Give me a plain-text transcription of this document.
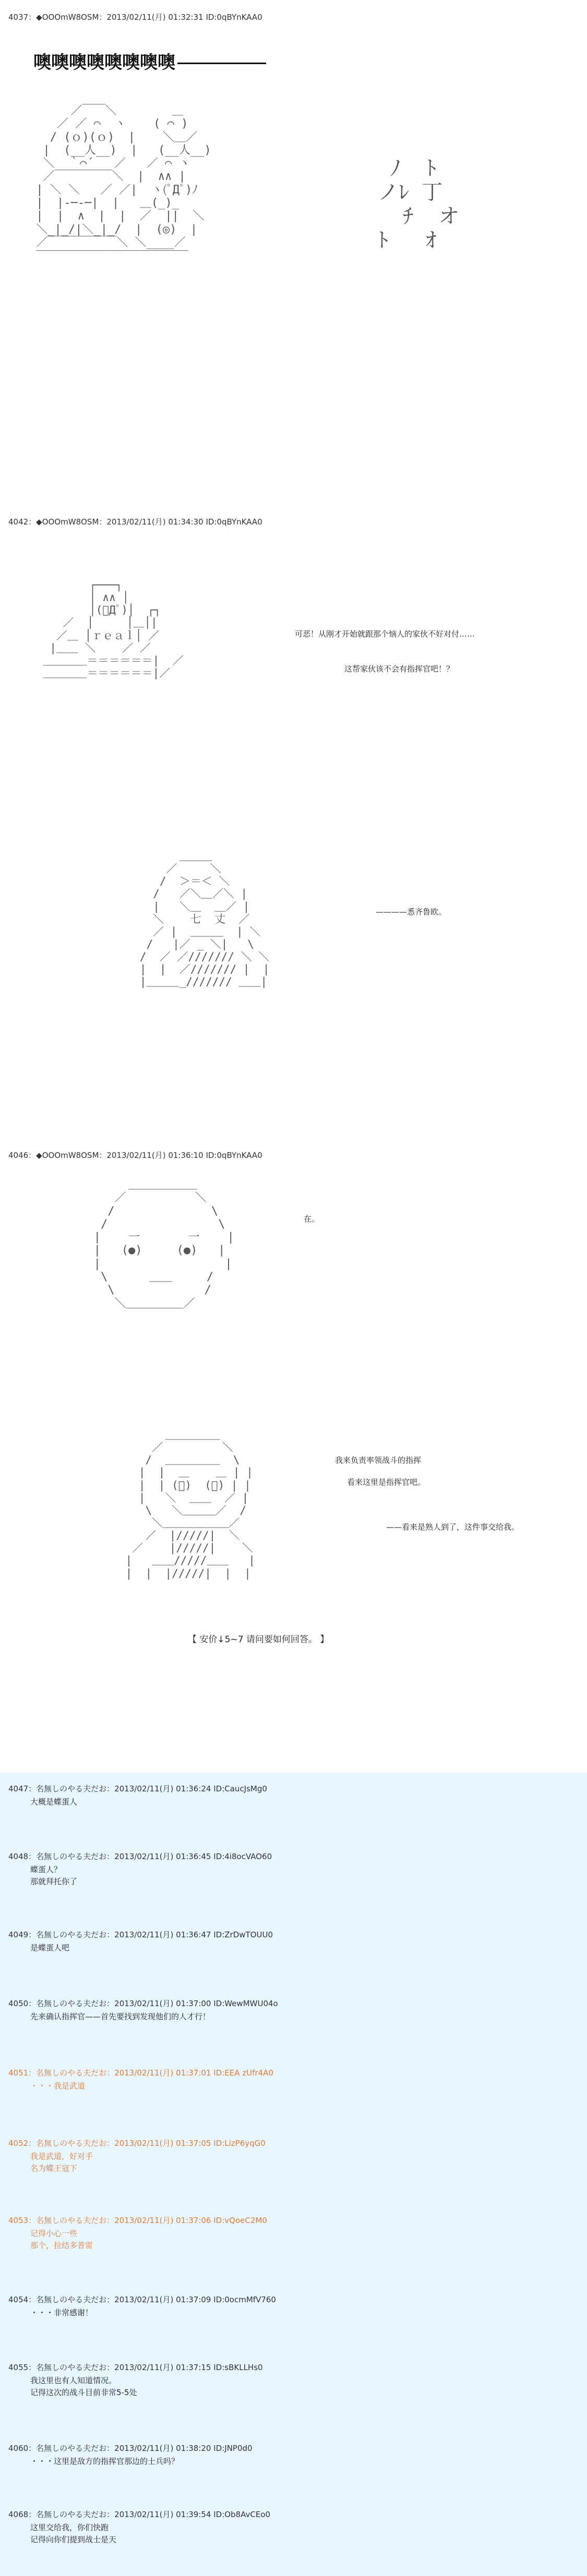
4037：◆OOOmW8OSM：2013/02/11(月) 01:32:31 ID:0qBYnKAA0
噢噢噢噢噢噢噢噢
／￣￣＼        ＿
／ ／ ⌒  ヽ    ( ⌒ )
/ (ｏ)(ｏ)  |    ＼＿／
|  (__人__)  |   (__人__)
＼  ｀⌒´   ／   ／ ⌒ ヽ
／￣￣￣￣￣＼  |  ∧∧ |
| ＼ ＼   ／ ／|  ヽ(ﾟДﾟ)ﾉ
|  |‐─‐─|  |   ＿(_)_
|  |  ∧  |  |  ／  ||  ＼
＼_|_/|＼_|_/  |  (◎)  |
／￣￣￣￣￣￣＼ ＼____／
‾‾‾‾‾‾‾‾‾‾‾‾‾‾‾‾‾‾‾‾‾‾

ﾉ  ﾄ
ノﾚ 丁
ﾁ  オ
ﾄ   ｵ

4042：◆OOOmW8OSM：2013/02/11(月) 01:34:30 ID:0qBYnKAA0
┌───┐
│ ∧∧ │
│(ﾟДﾟ)│  ┌┐
／  │     │＿│|
／＿ │ｒｅａｌ│ ／
|＿＿ ＼    ／ ／
＿＿＿＿＝＝＝＝＝＝|  ／
＿＿＿＿＝＝＝＝＝＝|／

可恶！从刚才开始就跟那个恼人的家伙不好对付……
这帮家伙该不会有指挥官吧！？
＿＿＿
／     ＼
/  ＞＝＜ ＼
/   ／＼＿／＼ |
|   ＼＿  ＿／ |
＼    七  丈  ／
／ |  ＿＿＿  | ＼
/   |／ _ ＼|   \
/  ／ ／/////// ＼ ＼
|  |  ／/////// |  |
|＿＿＿_/////// ＿＿|

————悉齐鲁欧。
4046：◆OOOmW8OSM：2013/02/11(月) 01:36:10 ID:0qBYnKAA0
＿＿＿＿＿＿
／          ＼
/              \
/                \
|    一       一    |
|   (●)     (●)   |
|                  |
\      ＿＿     /
\             /
＼＿＿＿＿＿／

在。
＿＿＿＿＿
／         ＼
/  ＿＿＿＿＿  \
|  |  ＿    ＿ | |
|  | (ﾟ)  (ﾟ) | |
|   ＼  ＿＿  ／ |
\   ＼＿＿＿／  /
＼＿＿＿＿＿＿／
／  |/////|  ＼
／    |/////|    ＼
|   ＿＿/////＿＿   |
|  |  |/////|  |  |

我来负责率领战斗的指挥
看来这里是指挥官吧。
——看来是熟人到了，这件事交给我。
【 安价↓5~7 请问要如何回答。 】
4047：名無しのやる夫だお：2013/02/11(月) 01:36:24 ID:CaucJsMg0
大概是蝶蛋人
4048：名無しのやる夫だお：2013/02/11(月) 01:36:45 ID:4i8ocVAO60
蝶蛋人？
那就拜托你了
4049：名無しのやる夫だお：2013/02/11(月) 01:36:47 ID:ZrDwTOUU0
是蝶蛋人吧
4050：名無しのやる夫だお：2013/02/11(月) 01:37:00 ID:WewMWU04o
先来确认指挥官——首先要找到发现他们的人才行！
4051：名無しのやる夫だお：2013/02/11(月) 01:37:01 ID:EEA zUfr4A0
・・・我是武道
4052：名無しのやる夫だお：2013/02/11(月) 01:37:05 ID:LizP6yqG0
我是武道，好对手
名为蝶王寇下
4053：名無しのやる夫だお：2013/02/11(月) 01:37:06 ID:vQoeC2M0
记得小心一些
那个，拉结多普雷
4054：名無しのやる夫だお：2013/02/11(月) 01:37:09 ID:0ocmMfV760
・・・非常感谢！
4055：名無しのやる夫だお：2013/02/11(月) 01:37:15 ID:sBKLLHs0
我这里也有人知道情况。
记得这次的战斗目前非常5-5处
4060：名無しのやる夫だお：2013/02/11(月) 01:38:20 ID:JNP0d0
・・・这里是敌方的指挥官那边的士兵吗？
4068：名無しのやる夫だお：2013/02/11(月) 01:39:54 ID:Ob8AvCEo0
这里交给我，你们快跑
记得向你们提到战士是天
